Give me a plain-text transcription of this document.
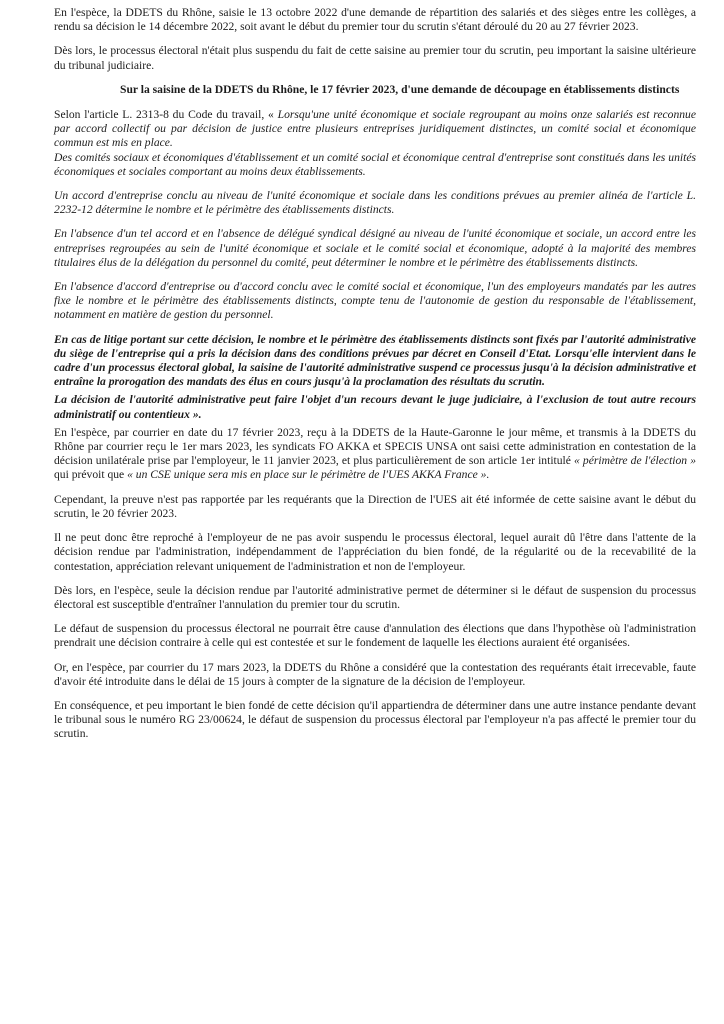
En l'espèce, la DDETS du Rhône, saisie le 13 octobre 2022 d'une demande de répartition des salariés et des sièges entre les collèges, a rendu sa décision le 14 décembre 2022, soit avant le début du premier tour du scrutin s'étant déroulé du 20 au 27 février 2023.

Dès lors, le processus électoral n'était plus suspendu du fait de cette saisine au premier tour du scrutin, peu important la saisine ultérieure du tribunal judiciaire.

Sur la saisine de la DDETS du Rhône, le 17 février 2023, d'une demande de découpage en établissements distincts

Selon l'article L. 2313-8 du Code du travail, « Lorsqu'une unité économique et sociale regroupant au moins onze salariés est reconnue par accord collectif ou par décision de justice entre plusieurs entreprises juridiquement distinctes, un comité social et économique commun est mis en place.
Des comités sociaux et économiques d'établissement et un comité social et économique central d'entreprise sont constitués dans les unités économiques et sociales comportant au moins deux établissements.

Un accord d'entreprise conclu au niveau de l'unité économique et sociale dans les conditions prévues au premier alinéa de l'article L. 2232-12 détermine le nombre et le périmètre des établissements distincts.

En l'absence d'un tel accord et en l'absence de délégué syndical désigné au niveau de l'unité économique et sociale, un accord entre les entreprises regroupées au sein de l'unité économique et sociale et le comité social et économique, adopté à la majorité des membres titulaires élus de la délégation du personnel du comité, peut déterminer le nombre et le périmètre des établissements distincts.

En l'absence d'accord d'entreprise ou d'accord conclu avec le comité social et économique, l'un des employeurs mandatés par les autres fixe le nombre et le périmètre des établissements distincts, compte tenu de l'autonomie de gestion du responsable de l'établissement, notamment en matière de gestion du personnel.

En cas de litige portant sur cette décision, le nombre et le périmètre des établissements distincts sont fixés par l'autorité administrative du siège de l'entreprise qui a pris la décision dans des conditions prévues par décret en Conseil d'Etat. Lorsqu'elle intervient dans le cadre d'un processus électoral global, la saisine de l'autorité administrative suspend ce processus jusqu'à la décision administrative et entraîne la prorogation des mandats des élus en cours jusqu'à la proclamation des résultats du scrutin.

La décision de l'autorité administrative peut faire l'objet d'un recours devant le juge judiciaire, à l'exclusion de tout autre recours administratif ou contentieux ».

En l'espèce, par courrier en date du 17 février 2023, reçu à la DDETS de la Haute-Garonne le jour même, et transmis à la DDETS du Rhône par courrier reçu le 1er mars 2023, les syndicats FO AKKA et SPECIS UNSA ont saisi cette administration en contestation de la décision unilatérale prise par l'employeur, le 11 janvier 2023, et plus particulièrement de son article 1er intitulé « périmètre de l'élection » qui prévoit que « un CSE unique sera mis en place sur le périmètre de l'UES AKKA France ».

Cependant, la preuve n'est pas rapportée par les requérants que la Direction de l'UES ait été informée de cette saisine avant le début du scrutin, le 20 février 2023.

Il ne peut donc être reproché à l'employeur de ne pas avoir suspendu le processus électoral, lequel aurait dû l'être dans l'attente de la décision rendue par l'administration, indépendamment de l'appréciation du bien fondé, de la régularité ou de la recevabilité de la contestation, appréciation relevant uniquement de l'administration et non de l'employeur.

Dès lors, en l'espèce, seule la décision rendue par l'autorité administrative permet de déterminer si le défaut de suspension du processus électoral est susceptible d'entraîner l'annulation du premier tour du scrutin.

Le défaut de suspension du processus électoral ne pourrait être cause d'annulation des élections que dans l'hypothèse où l'administration prendrait une décision contraire à celle qui est contestée et sur le fondement de laquelle les élections auraient été organisées.

Or, en l'espèce, par courrier du 17 mars 2023, la DDETS du Rhône a considéré que la contestation des requérants était irrecevable, faute d'avoir été introduite dans le délai de 15 jours à compter de la signature de la décision de l'employeur.

En conséquence, et peu important le bien fondé de cette décision qu'il appartiendra de déterminer dans une autre instance pendante devant le tribunal sous le numéro RG 23/00624, le défaut de suspension du processus électoral par l'employeur n'a pas affecté le premier tour du scrutin.
